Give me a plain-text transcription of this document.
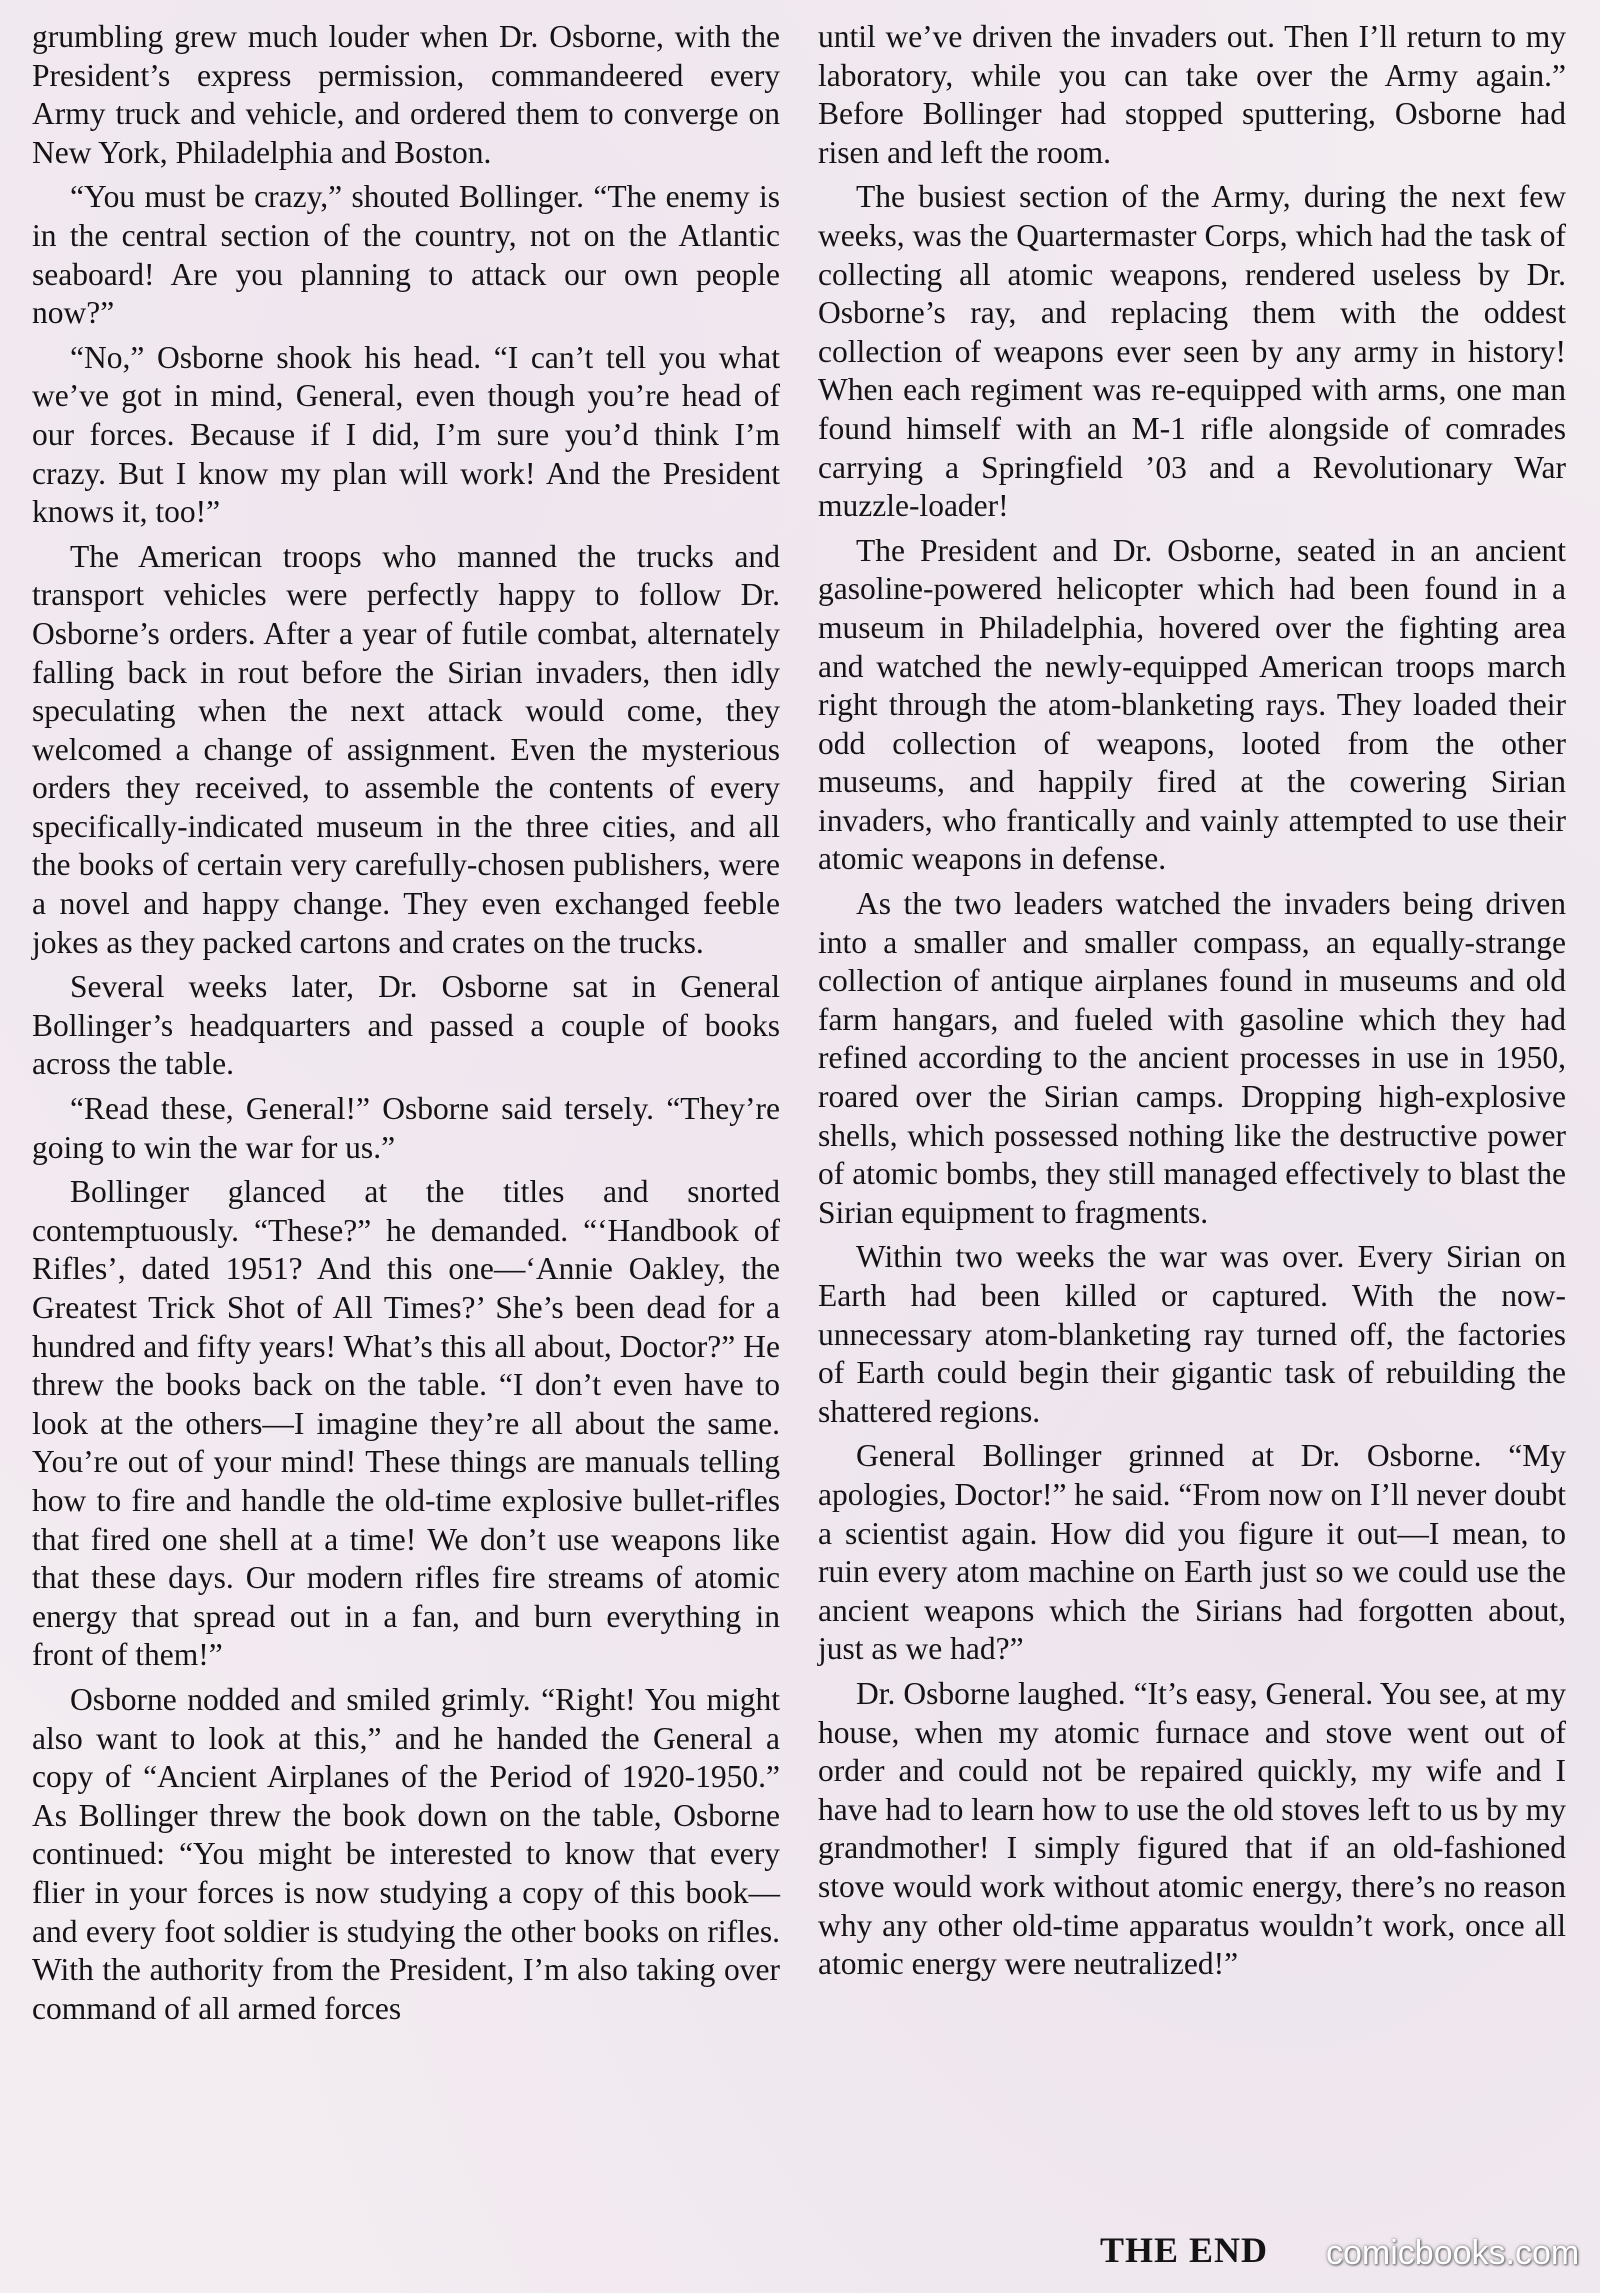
grumbling grew much louder when Dr. Osborne, with the President’s express permission, commandeered every Army truck and vehicle, and ordered them to converge on New York, Philadelphia and Boston.

“You must be crazy,” shouted Bollinger. “The enemy is in the central section of the country, not on the Atlantic seaboard! Are you planning to attack our own people now?”

“No,” Osborne shook his head. “I can’t tell you what we’ve got in mind, General, even though you’re head of our forces. Because if I did, I’m sure you’d think I’m crazy. But I know my plan will work! And the President knows it, too!”

The American troops who manned the trucks and transport vehicles were perfectly happy to follow Dr. Osborne’s orders. After a year of futile combat, alternately falling back in rout before the Sirian invaders, then idly speculating when the next attack would come, they welcomed a change of assignment. Even the mysterious orders they received, to assemble the contents of every specifically-indicated museum in the three cities, and all the books of certain very carefully-chosen publishers, were a novel and happy change. They even exchanged feeble jokes as they packed cartons and crates on the trucks.

Several weeks later, Dr. Osborne sat in General Bollinger’s headquarters and passed a couple of books across the table.

“Read these, General!” Osborne said tersely. “They’re going to win the war for us.”

Bollinger glanced at the titles and snorted contemptuously. “These?” he demanded. “‘Handbook of Rifles’, dated 1951? And this one—‘Annie Oakley, the Greatest Trick Shot of All Times?’ She’s been dead for a hundred and fifty years! What’s this all about, Doctor?” He threw the books back on the table. “I don’t even have to look at the others—I imagine they’re all about the same. You’re out of your mind! These things are manuals telling how to fire and handle the old-time explosive bullet-rifles that fired one shell at a time! We don’t use weapons like that these days. Our modern rifles fire streams of atomic energy that spread out in a fan, and burn everything in front of them!”

Osborne nodded and smiled grimly. “Right! You might also want to look at this,” and he handed the General a copy of “Ancient Airplanes of the Period of 1920-1950.” As Bollinger threw the book down on the table, Osborne continued: “You might be interested to know that every flier in your forces is now studying a copy of this book—and every foot soldier is studying the other books on rifles. With the authority from the President, I’m also taking over command of all armed forces

until we’ve driven the invaders out. Then I’ll return to my laboratory, while you can take over the Army again.” Before Bollinger had stopped sputtering, Osborne had risen and left the room.

The busiest section of the Army, during the next few weeks, was the Quartermaster Corps, which had the task of collecting all atomic weapons, rendered useless by Dr. Osborne’s ray, and replacing them with the oddest collection of weapons ever seen by any army in history! When each regiment was re-equipped with arms, one man found himself with an M-1 rifle alongside of comrades carrying a Springfield ’03 and a Revolutionary War muzzle-loader!

The President and Dr. Osborne, seated in an ancient gasoline-powered helicopter which had been found in a museum in Philadelphia, hovered over the fighting area and watched the newly-equipped American troops march right through the atom-blanketing rays. They loaded their odd collection of weapons, looted from the other museums, and happily fired at the cowering Sirian invaders, who frantically and vainly attempted to use their atomic weapons in defense.

As the two leaders watched the invaders being driven into a smaller and smaller compass, an equally-strange collection of antique airplanes found in museums and old farm hangars, and fueled with gasoline which they had refined according to the ancient processes in use in 1950, roared over the Sirian camps. Dropping high-explosive shells, which possessed nothing like the destructive power of atomic bombs, they still managed effectively to blast the Sirian equipment to fragments.

Within two weeks the war was over. Every Sirian on Earth had been killed or captured. With the now-unnecessary atom-blanketing ray turned off, the factories of Earth could begin their gigantic task of rebuilding the shattered regions.

General Bollinger grinned at Dr. Osborne. “My apologies, Doctor!” he said. “From now on I’ll never doubt a scientist again. How did you figure it out—I mean, to ruin every atom machine on Earth just so we could use the ancient weapons which the Sirians had forgotten about, just as we had?”

Dr. Osborne laughed. “It’s easy, General. You see, at my house, when my atomic furnace and stove went out of order and could not be repaired quickly, my wife and I have had to learn how to use the old stoves left to us by my grandmother! I simply figured that if an old-fashioned stove would work without atomic energy, there’s no reason why any other old-time apparatus wouldn’t work, once all atomic energy were neutralized!”

THE END comicbooks.com
